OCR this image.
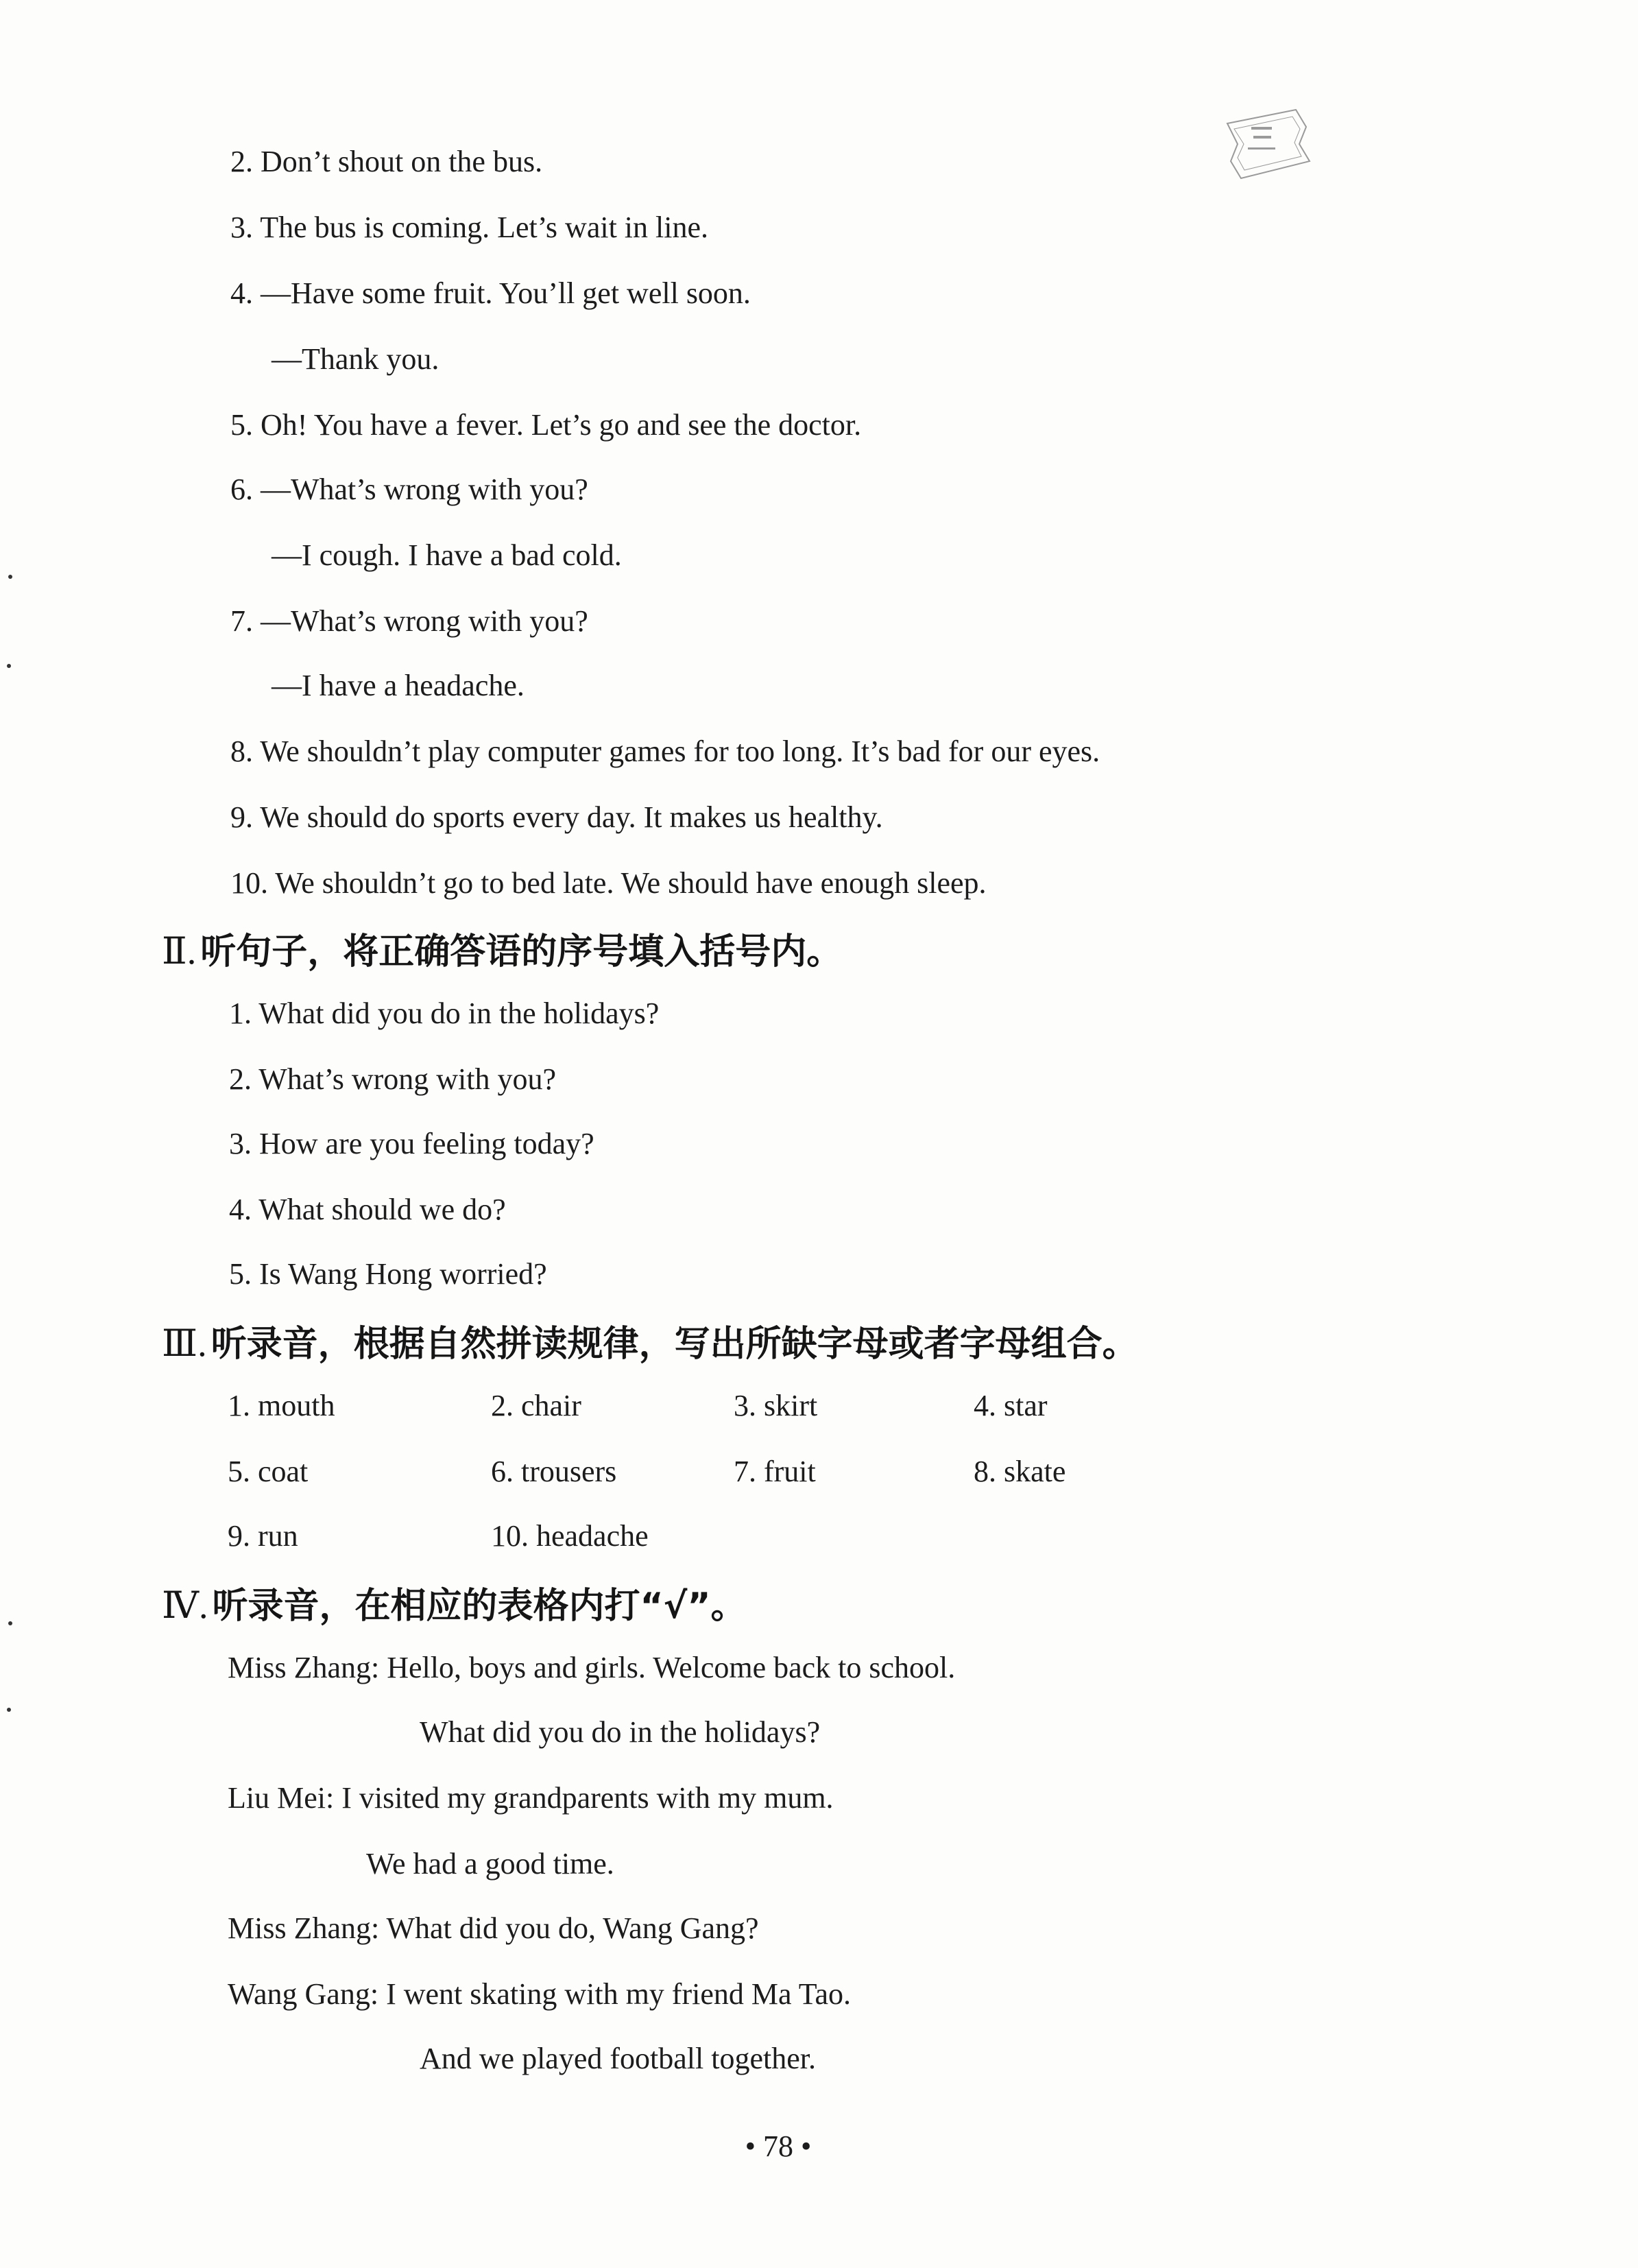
2. Don’t shout on the bus.
3. The bus is coming. Let’s wait in line.
4. —Have some fruit. You’ll get well soon.
—Thank you.
5. Oh! You have a fever. Let’s go and see the doctor.
6. —What’s wrong with you?
—I cough. I have a bad cold.
7. —What’s wrong with you?
—I have a headache.
8. We shouldn’t play computer games for too long. It’s bad for our eyes.
9. We should do sports every day. It makes us healthy.
10. We shouldn’t go to bed late. We should have enough sleep.
Ⅱ. 听句子，将正确答语的序号填入括号内。
1. What did you do in the holidays?
2. What’s wrong with you?
3. How are you feeling today?
4. What should we do?
5. Is Wang Hong worried?
Ⅲ. 听录音，根据自然拼读规律，写出所缺字母或者字母组合。
1. mouth	2. chair	3. skirt	4. star
5. coat	6. trousers	7. fruit	8. skate
9. run	10. headache
Ⅳ. 听录音，在相应的表格内打“√”。
Miss Zhang: Hello, boys and girls. Welcome back to school.
What did you do in the holidays?
Liu Mei: I visited my grandparents with my mum.
We had a good time.
Miss Zhang: What did you do, Wang Gang?
Wang Gang: I went skating with my friend Ma Tao.
And we played football together.
• 78 •
